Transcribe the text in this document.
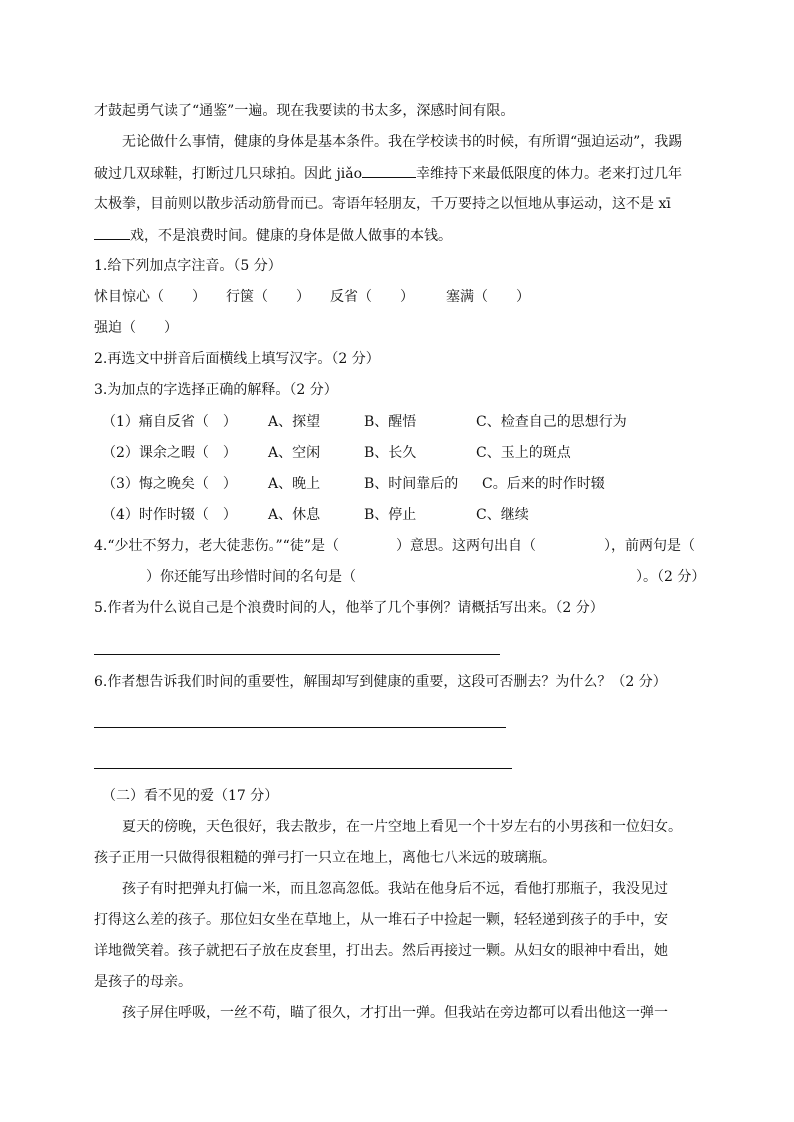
才鼓起勇气读了“通鉴”一遍。现在我要读的书太多，深感时间有限。
无论做什么事情，健康的身体是基本条件。我在学校读书的时候，有所谓“强迫运动”，我踢
破过几双球鞋，打断过几只球拍。因此 jiǎo	幸维持下来最低限度的体力。老来打过几年
太极拳，目前则以散步活动筋骨而已。寄语年轻朋友，千万要持之以恒地从事运动，这不是 xī
戏，不是浪费时间。健康的身体是做人做事的本钱。
1.给下列加点字注音。（5 分）
怵目惊心（　　） 行箧（　　） 反省（　　） 塞满（　　）
强迫（　　）
2.再选文中拼音后面横线上填写汉字。（2 分）
3.为加点的字选择正确的解释。（2 分）
（1）痛自反省（　） A、探望	B、醒悟	C、检查自己的思想行为
（2）课余之暇（　） A、空闲	B、长久	C、玉上的斑点
（3）悔之晚矣（　） A、晚上	B、时间靠后的 C。后来的时作时辍
（4）时作时辍（　） A、休息	B、停止	C、继续
4.“少壮不努力，老大徒悲伤。”“徒”是（	）意思。这两句出自（	），前两句是（
）你还能写出珍惜时间的名句是（	）。（2 分）
5.作者为什么说自己是个浪费时间的人，他举了几个事例？请概括写出来。（2 分）
6.作者想告诉我们时间的重要性，解围却写到健康的重要，这段可否删去？为什么？（2 分）
（二）看不见的爱（17 分）
夏天的傍晚，天色很好，我去散步，在一片空地上看见一个十岁左右的小男孩和一位妇女。
孩子正用一只做得很粗糙的弹弓打一只立在地上，离他七八米远的玻璃瓶。
孩子有时把弹丸打偏一米，而且忽高忽低。我站在他身后不远，看他打那瓶子，我没见过
打得这么差的孩子。那位妇女坐在草地上，从一堆石子中捡起一颗，轻轻递到孩子的手中，安
详地微笑着。孩子就把石子放在皮套里，打出去。然后再接过一颗。从妇女的眼神中看出，她
是孩子的母亲。
孩子屏住呼吸，一丝不苟，瞄了很久，才打出一弹。但我站在旁边都可以看出他这一弹一
